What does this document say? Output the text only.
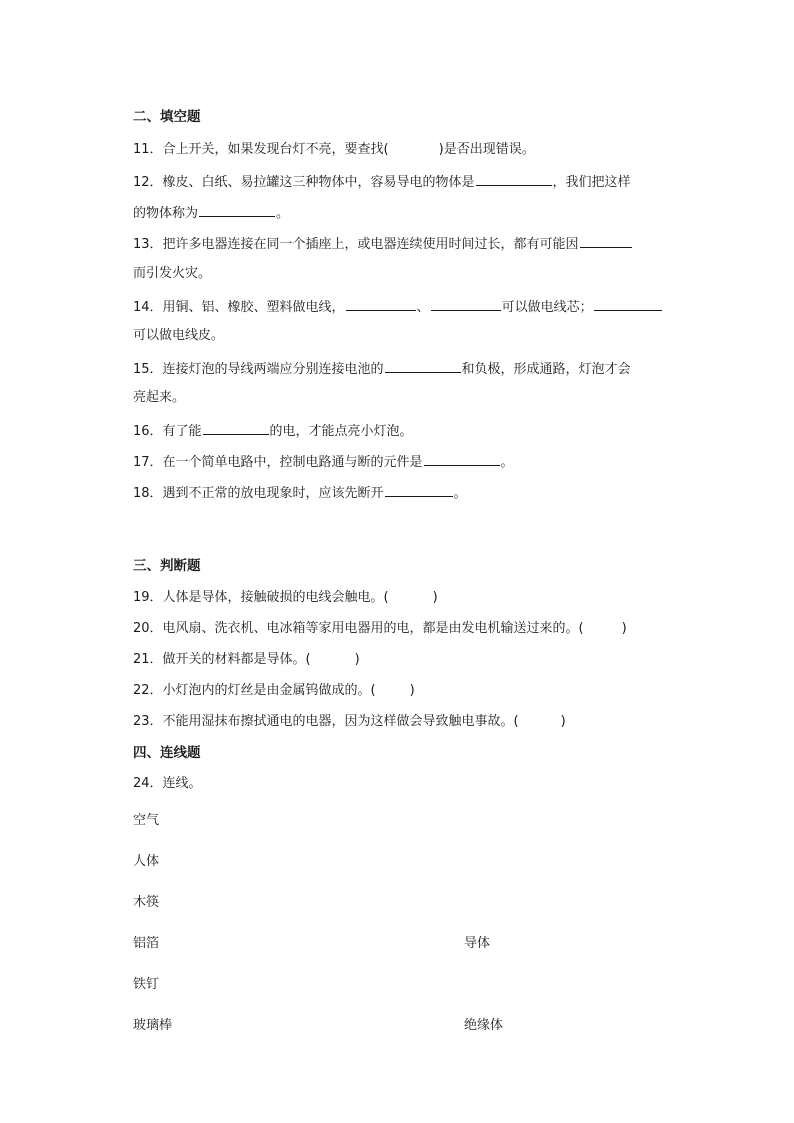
二、填空题
11．合上开关，如果发现台灯不亮，要查找(	)是否出现错误。
12．橡皮、白纸、易拉罐这三种物体中，容易导电的物体是	，我们把这样
的物体称为	。
13．把许多电器连接在同一个插座上，或电器连续使用时间过长，都有可能因
而引发火灾。
14．用铜、铝、橡胶、塑料做电线，	、	可以做电线芯；
可以做电线皮。
15．连接灯泡的导线两端应分别连接电池的	和负极，形成通路，灯泡才会
亮起来。
16．有了能	的电，才能点亮小灯泡。
17．在一个简单电路中，控制电路通与断的元件是	。
18．遇到不正常的放电现象时，应该先断开	。
三、判断题
19．人体是导体，接触破损的电线会触电。(	)
20．电风扇、洗衣机、电冰箱等家用电器用的电，都是由发电机输送过来的。(	)
21．做开关的材料都是导体。(	)
22．小灯泡内的灯丝是由金属钨做成的。(	)
23．不能用湿抹布擦拭通电的电器，因为这样做会导致触电事故。(	)
四、连线题
24．连线。
空气
人体
木筷
铝箔
铁钉
玻璃棒
导体
绝缘体
